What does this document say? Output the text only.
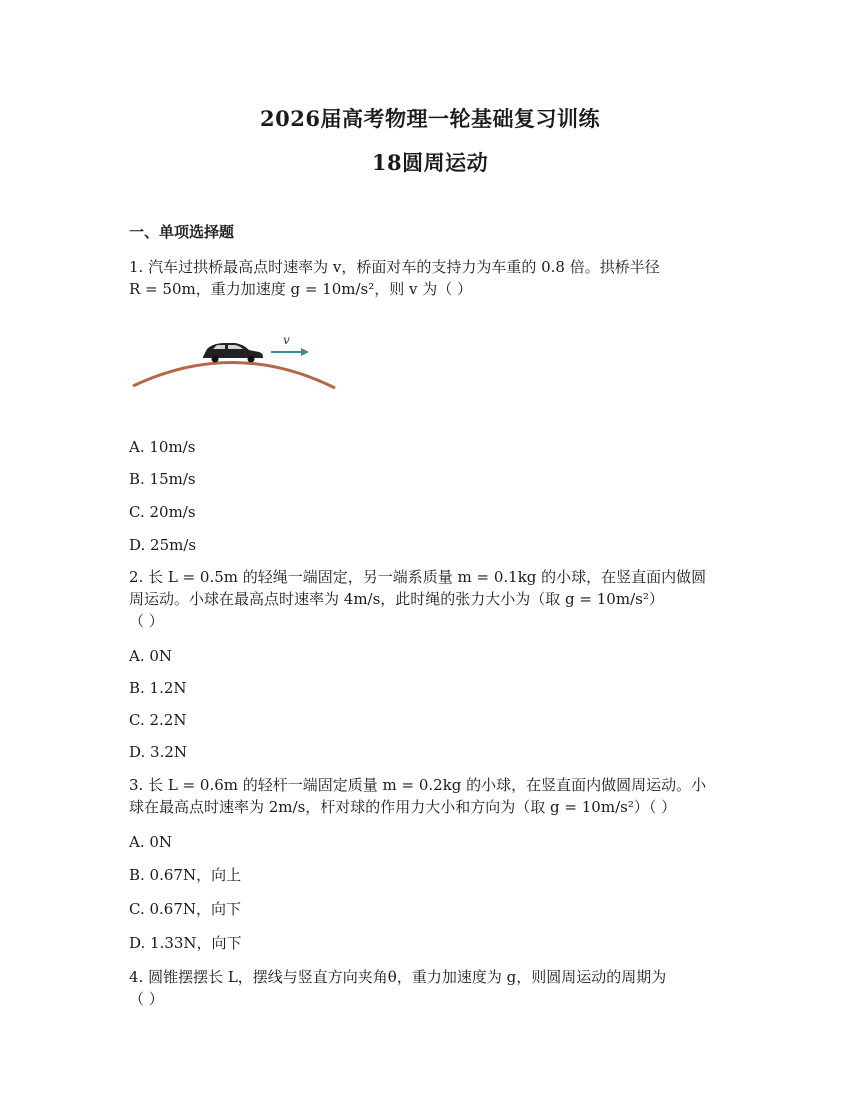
2026届高考物理一轮基础复习训练
18圆周运动
一、单项选择题
1. 汽车过拱桥最高点时速率为 v，桥面对车的支持力为车重的 0.8 倍。拱桥半径
R = 50m，重力加速度 g = 10m/s²，则 v 为（ ）
v
A. 10m/s
B. 15m/s
C. 20m/s
D. 25m/s
2. 长 L = 0.5m 的轻绳一端固定，另一端系质量 m = 0.1kg 的小球，在竖直面内做圆
周运动。小球在最高点时速率为 4m/s，此时绳的张力大小为（取 g = 10m/s²）
（ ）
A. 0N
B. 1.2N
C. 2.2N
D. 3.2N
3. 长 L = 0.6m 的轻杆一端固定质量 m = 0.2kg 的小球，在竖直面内做圆周运动。小
球在最高点时速率为 2m/s，杆对球的作用力大小和方向为（取 g = 10m/s²）（ ）
A. 0N
B. 0.67N，向上
C. 0.67N，向下
D. 1.33N，向下
4. 圆锥摆摆长 L，摆线与竖直方向夹角θ，重力加速度为 g，则圆周运动的周期为
（ ）
